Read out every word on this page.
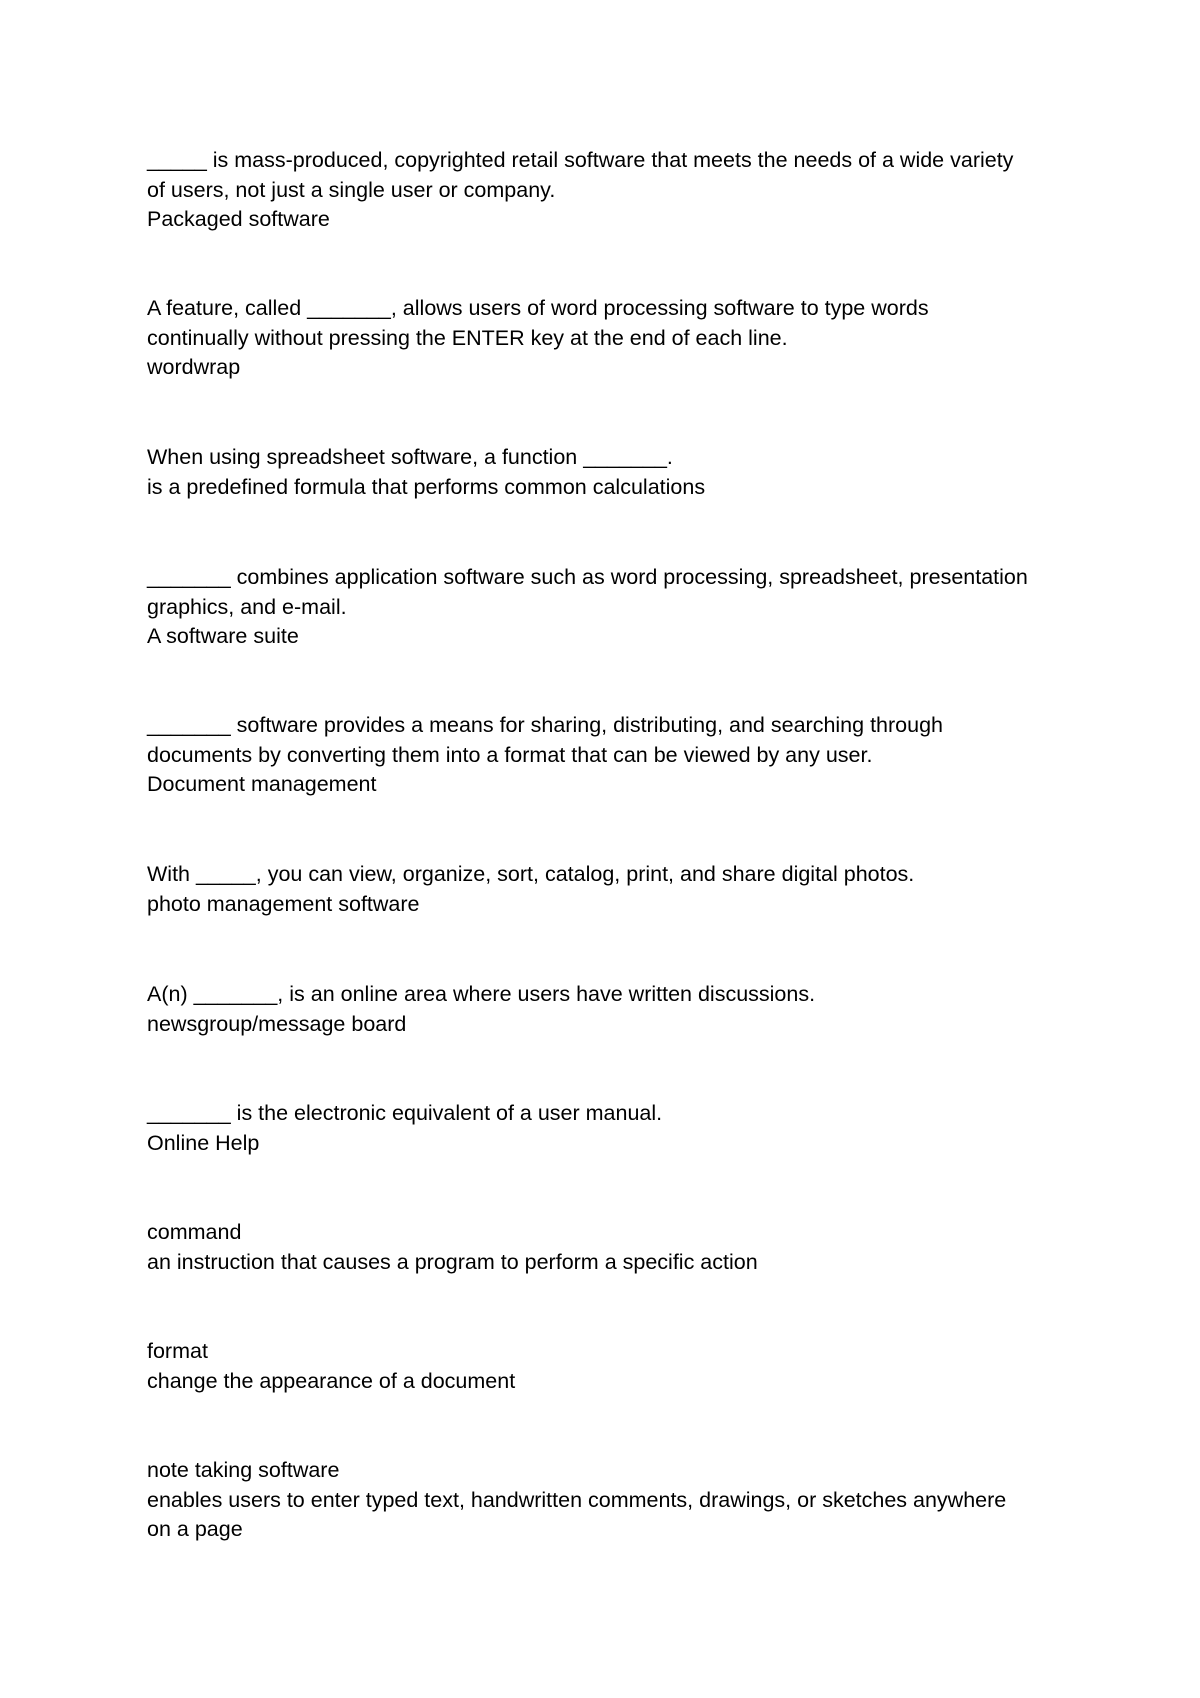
_____ is mass-produced, copyrighted retail software that meets the needs of a wide variety
of users, not just a single user or company.
Packaged software
A feature, called _______, allows users of word processing software to type words
continually without pressing the ENTER key at the end of each line.
wordwrap
When using spreadsheet software, a function _______.
is a predefined formula that performs common calculations
_______ combines application software such as word processing, spreadsheet, presentation
graphics, and e-mail.
A software suite
_______ software provides a means for sharing, distributing, and searching through
documents by converting them into a format that can be viewed by any user.
Document management
With _____, you can view, organize, sort, catalog, print, and share digital photos.
photo management software
A(n) _______, is an online area where users have written discussions.
newsgroup/message board
_______ is the electronic equivalent of a user manual.
Online Help
command
an instruction that causes a program to perform a specific action
format
change the appearance of a document
note taking software
enables users to enter typed text, handwritten comments, drawings, or sketches anywhere
on a page
